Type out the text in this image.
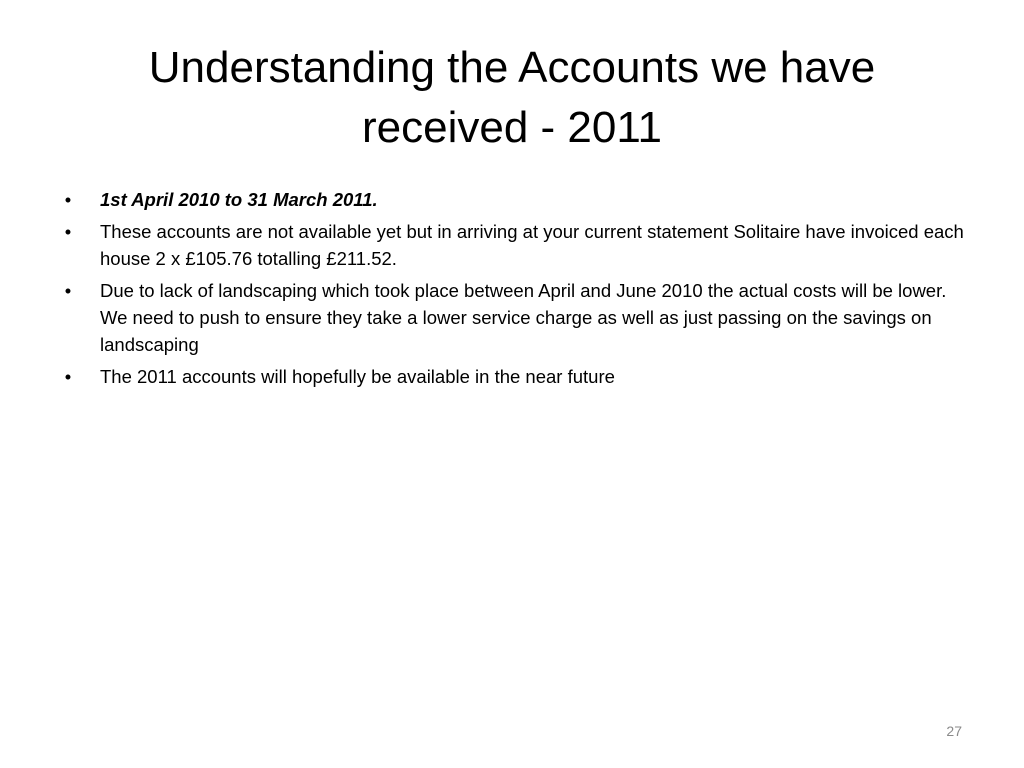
Understanding the Accounts we have
received - 2011
• 1st April 2010 to 31 March 2011.
• These accounts are not available yet but in arriving at your current statement Solitaire have invoiced each house 2 x £105.76 totalling £211.52.
• Due to lack of landscaping which took place between April and June 2010 the actual costs will be lower. We need to push to ensure they take a lower service charge as well as just passing on the savings on landscaping
• The 2011 accounts will hopefully be available in the near future
27
